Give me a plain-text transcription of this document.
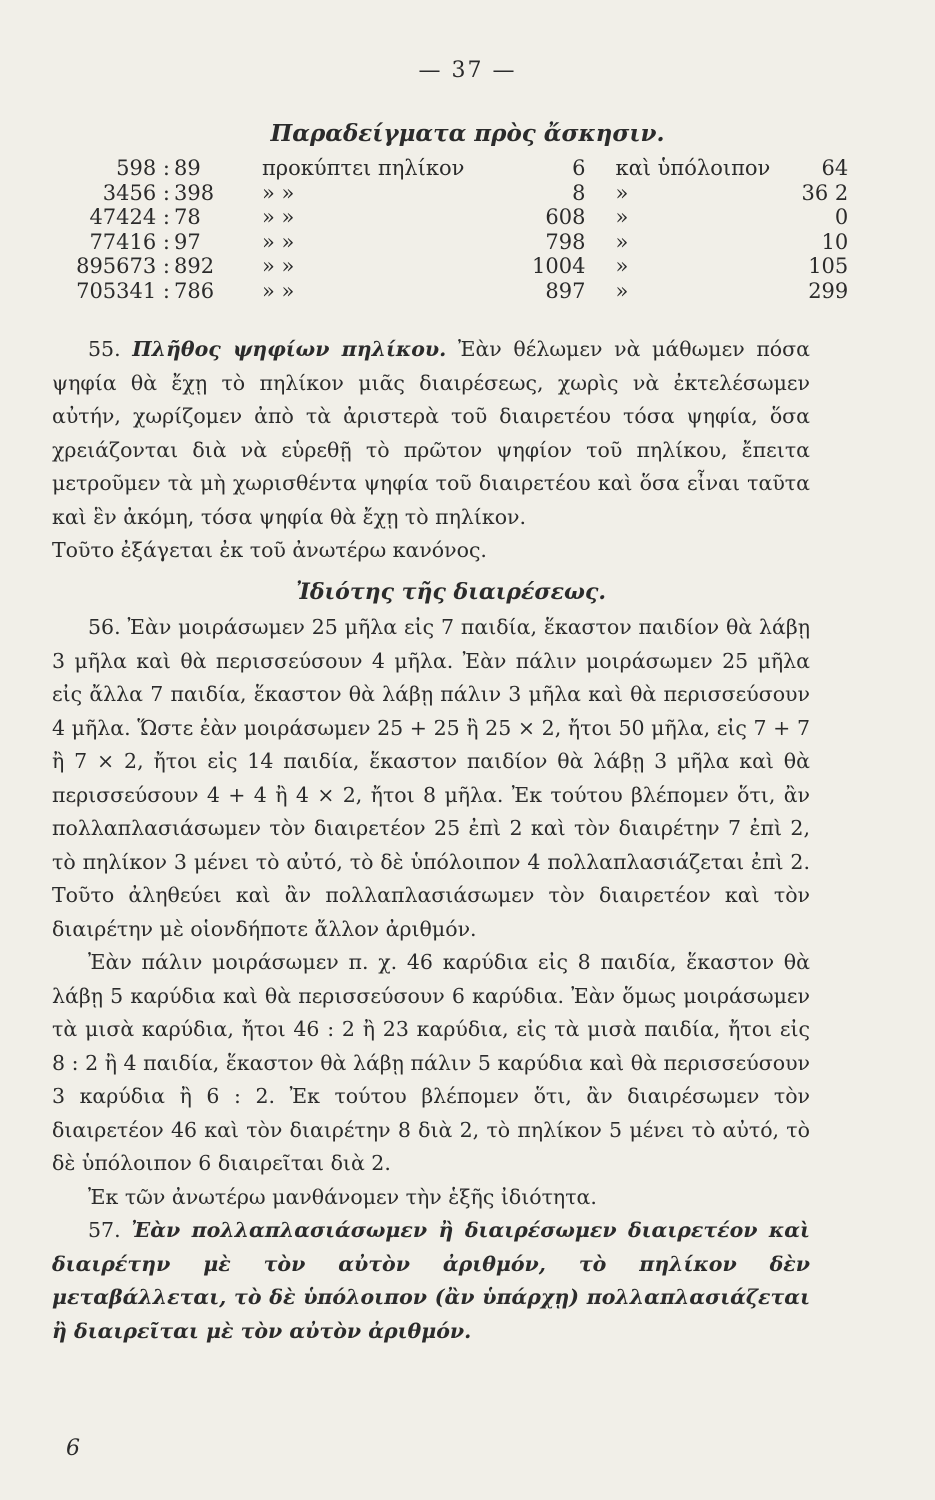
— 37 —
Παραδείγματα πρὸς ἄσκησιν.
598 :	89	προκύπτει πηλίκον	6	καὶ ὑπόλοιπον	64
3456 :	398	» »	8	»	36 2
47424 :	78	» »	608	»	0
77416 :	97	» »	798	»	10
895673 :	892	» »	1004	»	105
705341 :	786	» »	897	»	299

55. Πλῆθος ψηφίων πηλίκου. Ἐὰν θέλωμεν νὰ μάθωμεν πόσα ψηφία θὰ ἔχῃ τὸ πηλίκον μιᾶς διαιρέσεως, χωρὶς νὰ ἐκτελέσωμεν αὐτήν, χωρίζομεν ἀπὸ τὰ ἀριστερὰ τοῦ διαιρετέου τόσα ψηφία, ὅσα χρειάζονται διὰ νὰ εὑρεθῇ τὸ πρῶτον ψηφίον τοῦ πηλίκου, ἔπειτα μετροῦμεν τὰ μὴ χωρισθέντα ψηφία τοῦ διαιρετέου καὶ ὅσα εἶναι ταῦτα καὶ ἓν ἀκόμη, τόσα ψηφία θὰ ἔχῃ τὸ πηλίκον.

Τοῦτο ἐξάγεται ἐκ τοῦ ἀνωτέρω κανόνος.

Ἰδιότης τῆς διαιρέσεως.

56. Ἐὰν μοιράσωμεν 25 μῆλα εἰς 7 παιδία, ἕκαστον παιδίον θὰ λάβῃ 3 μῆλα καὶ θὰ περισσεύσουν 4 μῆλα. Ἐὰν πάλιν μοιράσωμεν 25 μῆλα εἰς ἄλλα 7 παιδία, ἕκαστον θὰ λάβῃ πάλιν 3 μῆλα καὶ θὰ περισσεύσουν 4 μῆλα. Ὥστε ἐὰν μοιράσωμεν 25 + 25 ἢ 25 × 2, ἤτοι 50 μῆλα, εἰς 7 + 7 ἢ 7 × 2, ἤτοι εἰς 14 παιδία, ἕκαστον παιδίον θὰ λάβῃ 3 μῆλα καὶ θὰ περισσεύσουν 4 + 4 ἢ 4 × 2, ἤτοι 8 μῆλα. Ἐκ τούτου βλέπομεν ὅτι, ἂν πολλαπλασιάσωμεν τὸν διαιρετέον 25 ἐπὶ 2 καὶ τὸν διαιρέτην 7 ἐπὶ 2, τὸ πηλίκον 3 μένει τὸ αὐτό, τὸ δὲ ὑπόλοιπον 4 πολλαπλασιάζεται ἐπὶ 2. Τοῦτο ἀληθεύει καὶ ἂν πολλαπλασιάσωμεν τὸν διαιρετέον καὶ τὸν διαιρέτην μὲ οἱονδήποτε ἄλλον ἀριθμόν.

Ἐὰν πάλιν μοιράσωμεν π. χ. 46 καρύδια εἰς 8 παιδία, ἕκαστον θὰ λάβῃ 5 καρύδια καὶ θὰ περισσεύσουν 6 καρύδια. Ἐὰν ὅμως μοιράσωμεν τὰ μισὰ καρύδια, ἤτοι 46 : 2 ἢ 23 καρύδια, εἰς τὰ μισὰ παιδία, ἤτοι εἰς 8 : 2 ἢ 4 παιδία, ἕκαστον θὰ λάβῃ πάλιν 5 καρύδια καὶ θὰ περισσεύσουν 3 καρύδια ἢ 6 : 2. Ἐκ τούτου βλέπομεν ὅτι, ἂν διαιρέσωμεν τὸν διαιρετέον 46 καὶ τὸν διαιρέτην 8 διὰ 2, τὸ πηλίκον 5 μένει τὸ αὐτό, τὸ δὲ ὑπόλοιπον 6 διαιρεῖται διὰ 2.

Ἐκ τῶν ἀνωτέρω μανθάνομεν τὴν ἑξῆς ἰδιότητα.

57. Ἐὰν πολλαπλασιάσωμεν ἢ διαιρέσωμεν διαιρετέον καὶ διαιρέτην μὲ τὸν αὐτὸν ἀριθμόν, τὸ πηλίκον δὲν μεταβάλλεται, τὸ δὲ ὑπόλοιπον (ἂν ὑπάρχῃ) πολλαπλασιάζεται ἢ διαιρεῖται μὲ τὸν αὐτὸν ἀριθμόν.

6
